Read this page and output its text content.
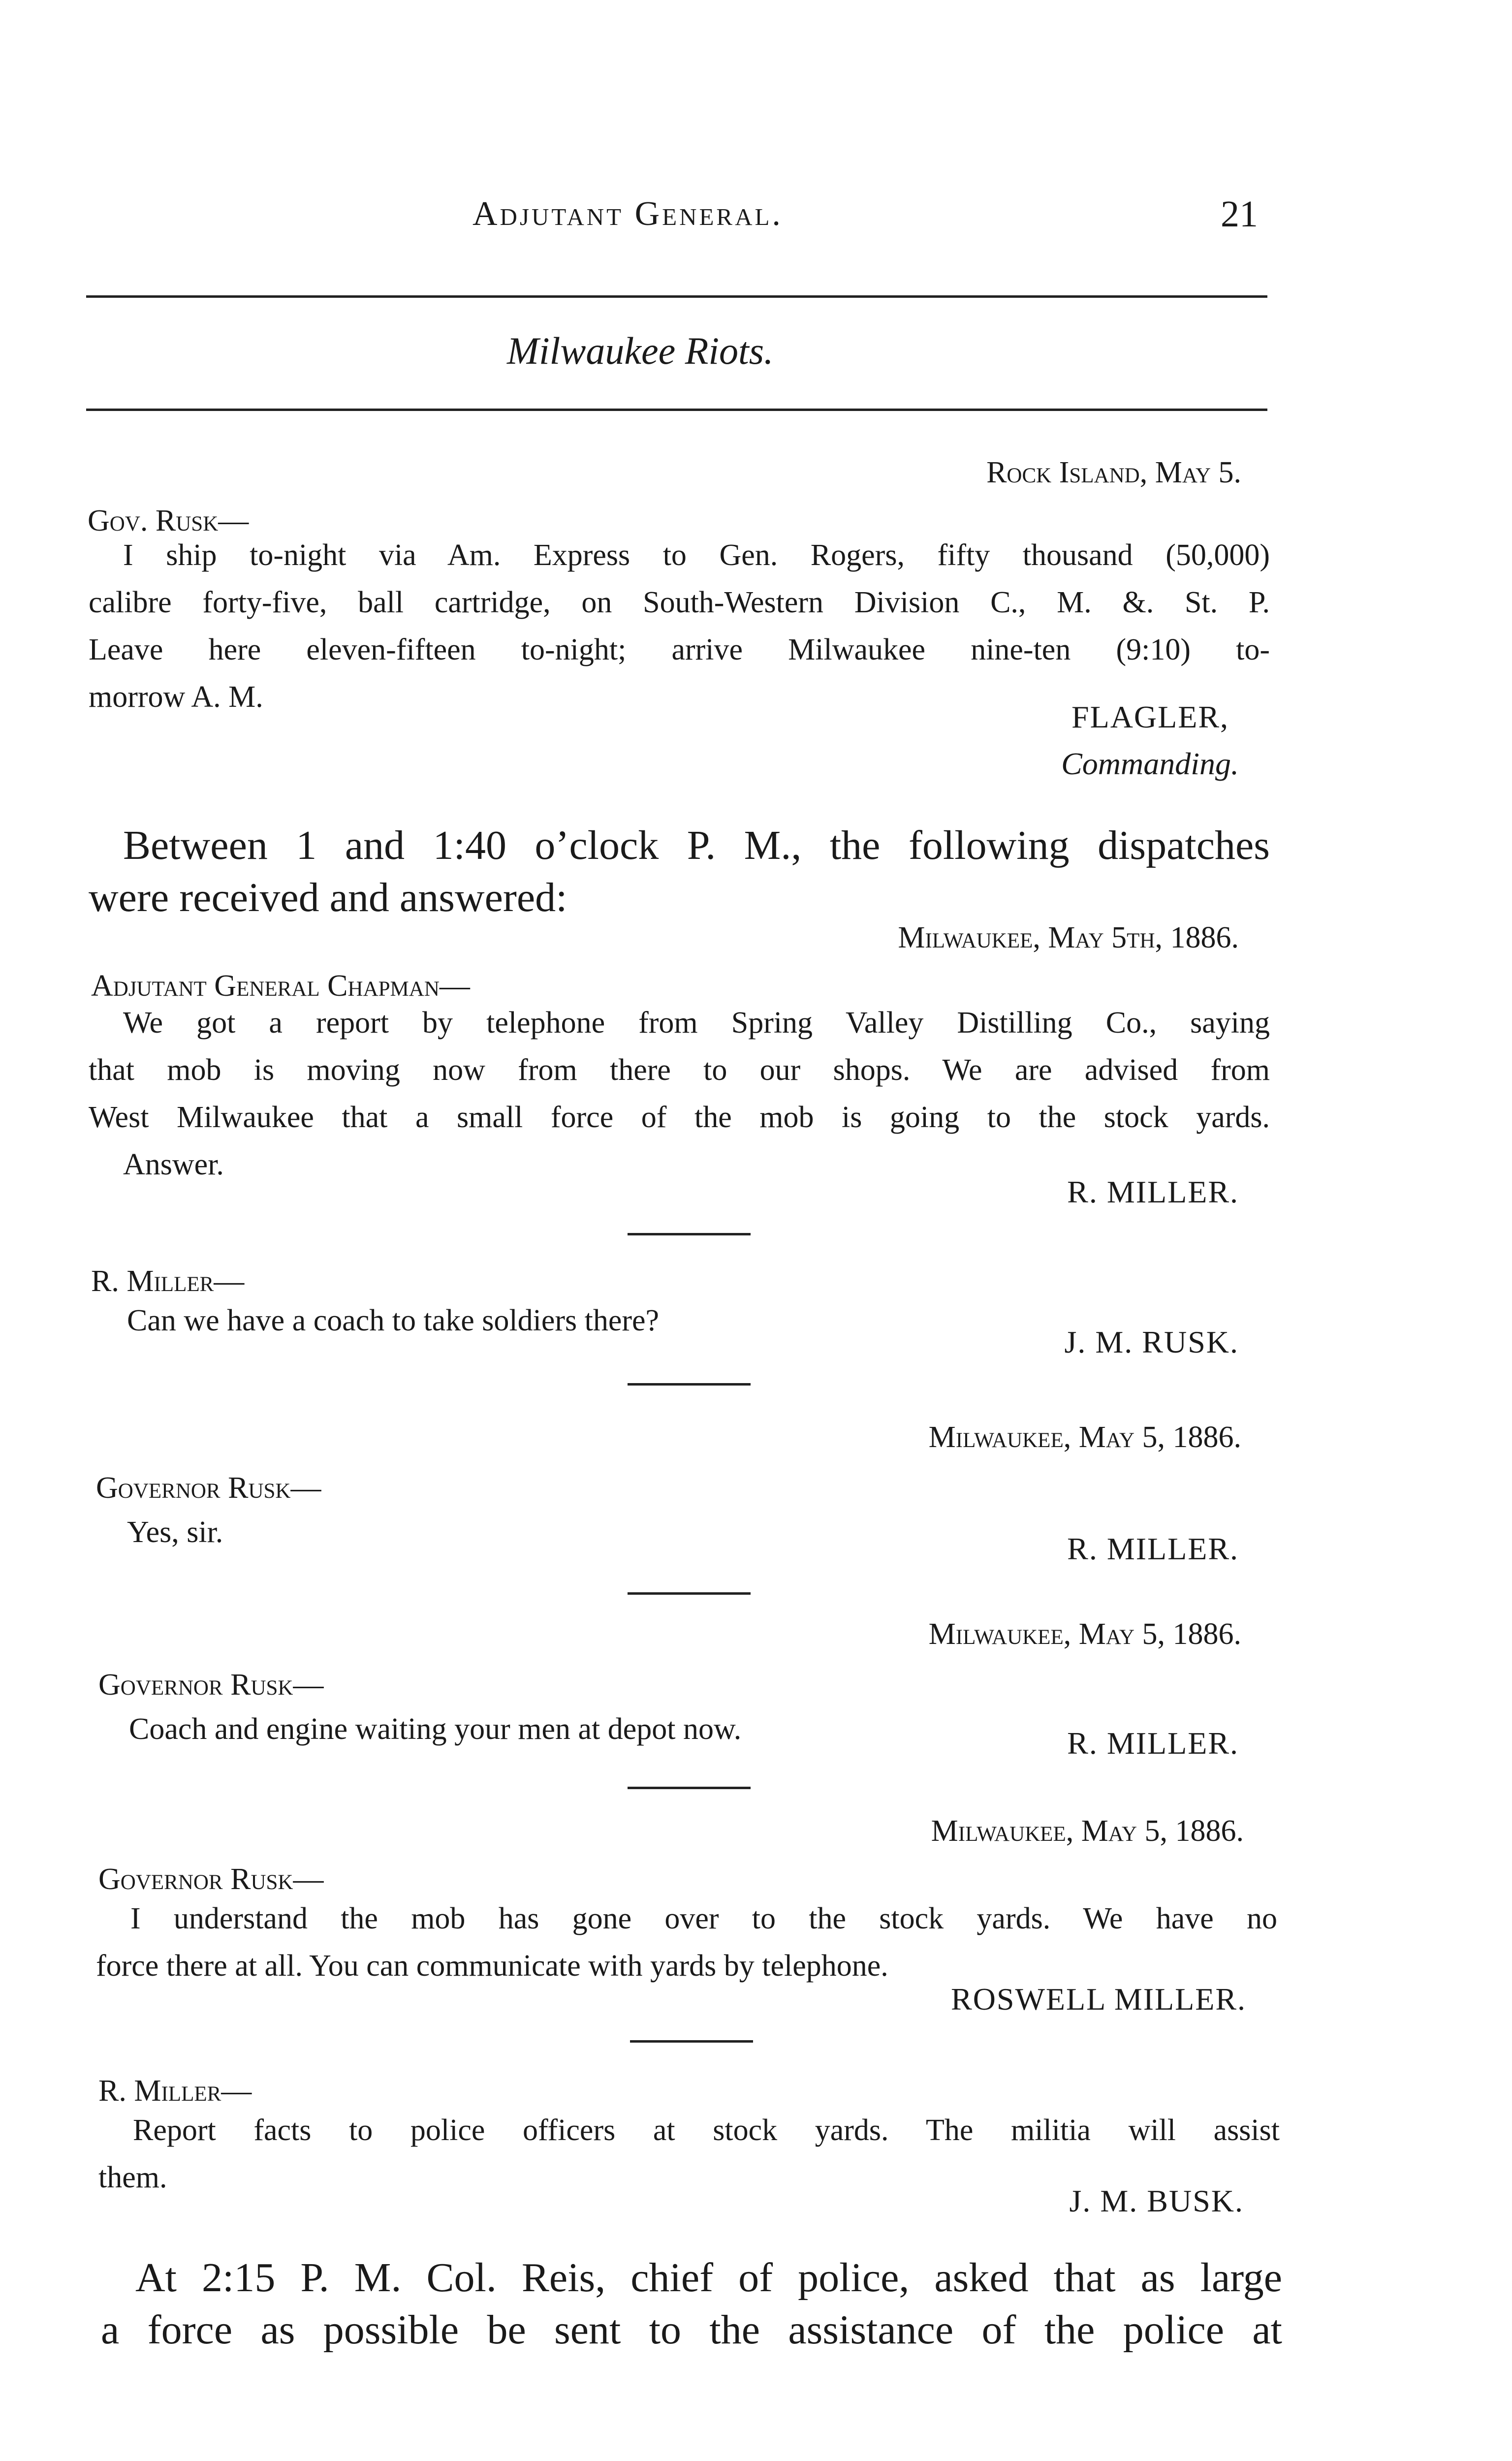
Adjutant General.	21
Milwaukee Riots.
Rock Island, May 5.
Gov. Rusk—
I ship to-night via Am. Express to Gen. Rogers, fifty thousand (50,000)
calibre forty-five, ball cartridge, on South-Western Division C., M. &. St. P.
Leave here eleven-fifteen to-night; arrive Milwaukee nine-ten (9:10) to-
morrow A. M.
FLAGLER,
Commanding.
Between 1 and 1:40 o’clock P. M., the following dispatches
were received and answered:
Milwaukee, May 5th, 1886.
Adjutant General Chapman—
We got a report by telephone from Spring Valley Distilling Co., saying
that mob is moving now from there to our shops. We are advised from
West Milwaukee that a small force of the mob is going to the stock yards.
Answer.
R. MILLER.
R. Miller—
Can we have a coach to take soldiers there?
J. M. RUSK.
Milwaukee, May 5, 1886.
Governor Rusk—
Yes, sir.	R. MILLER.
Milwaukee, May 5, 1886.
Governor Rusk—
Coach and engine waiting your men at depot now.	R. MILLER.
Milwaukee, May 5, 1886.
Governor Rusk—
I understand the mob has gone over to the stock yards. We have no
force there at all. You can communicate with yards by telephone.
ROSWELL MILLER.
R. Miller—
Report facts to police officers at stock yards. The militia will assist
them.
J. M. BUSK.
At 2:15 P. M. Col. Reis, chief of police, asked that as large
a force as possible be sent to the assistance of the police at
